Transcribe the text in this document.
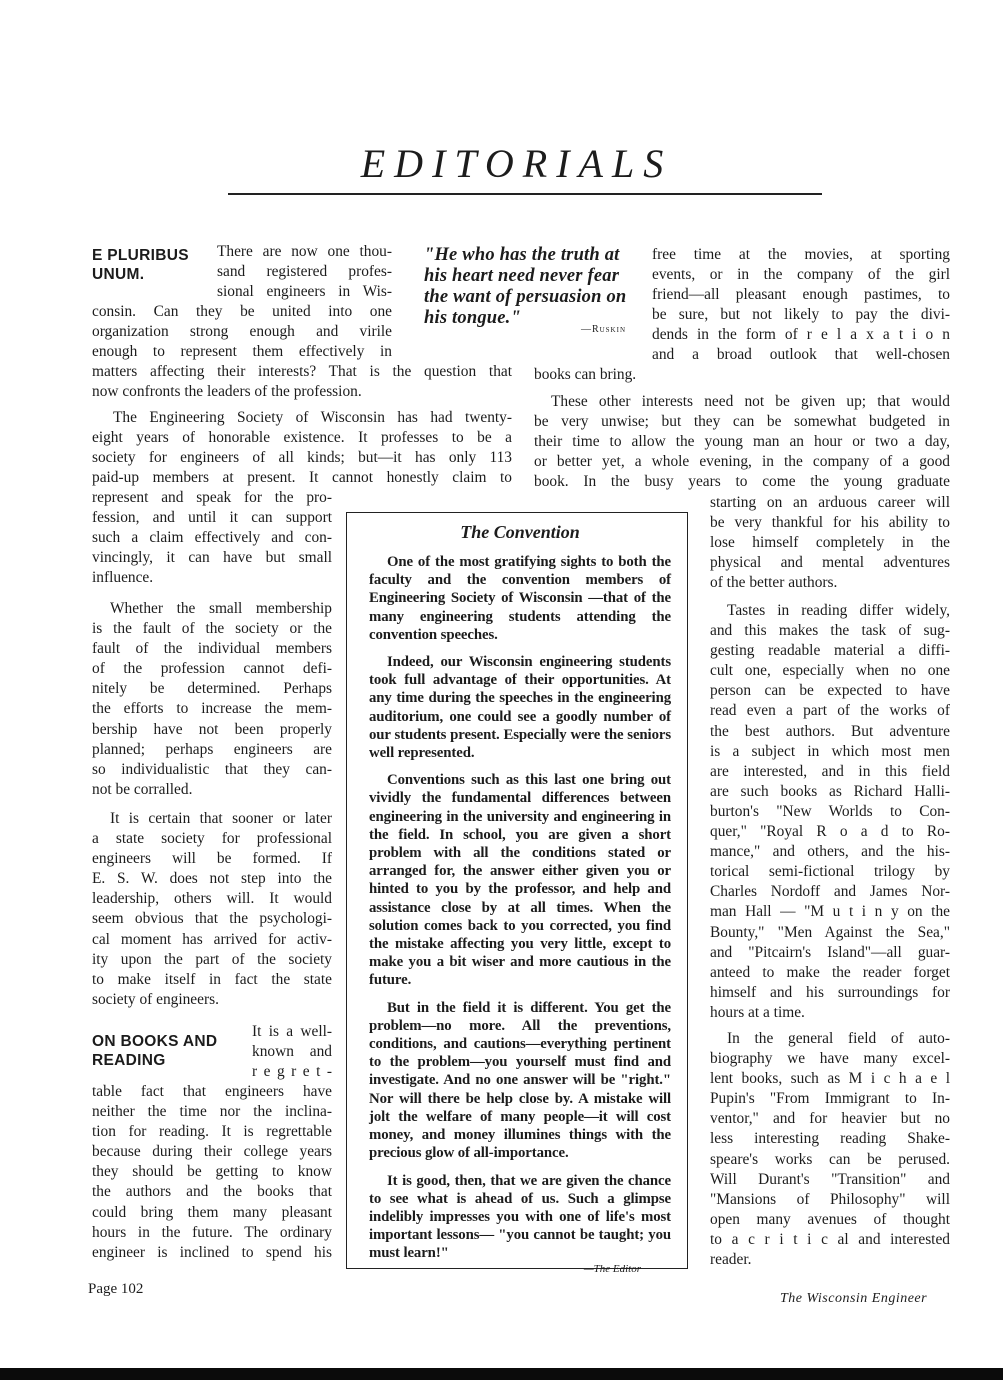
EDITORIALS

E PLURIBUS

UNUM.

There are now one thou-

sand registered profes-

sional engineers in Wis-

consin. Can they be united into one

organization strong enough and virile

enough to represent them effectively in

matters affecting their interests? That is the question that

now confronts the leaders of the profession.

The Engineering Society of Wisconsin has had twenty-

eight years of honorable existence. It professes to be a

society for engineers of all kinds; but—it has only 113

paid-up members at present. It cannot honestly claim to

represent and speak for the pro-

fession, and until it can support

such a claim effectively and con-

vincingly, it can have but small

influence.

Whether the small membership

is the fault of the society or the

fault of the individual members

of the profession cannot defi-

nitely be determined. Perhaps

the efforts to increase the mem-

bership have not been properly

planned; perhaps engineers are

so individualistic that they can-

not be corralled.

It is certain that sooner or later

a state society for professional

engineers will be formed. If

E. S. W. does not step into the

leadership, others will. It would

seem obvious that the psychologi-

cal moment has arrived for activ-

ity upon the part of the society

to make itself in fact the state

society of engineers.

ON BOOKS AND

READING

It is a well-

known and

r e g r e t -

table fact that engineers have

neither the time nor the inclina-

tion for reading. It is regrettable

because during their college years

they should be getting to know

the authors and the books that

could bring them many pleasant

hours in the future. The ordinary

engineer is inclined to spend his

"He who has the truth at

his heart need never fear

the want of persuasion on

his tongue."

—Ruskin

free time at the movies, at sporting

events, or in the company of the girl

friend—all pleasant enough pastimes, to

be sure, but not likely to pay the divi-

dends in the form of r e l a x a t i o n

and a broad outlook that well-chosen

books can bring.

These other interests need not be given up; that would

be very unwise; but they can be somewhat budgeted in

their time to allow the young man an hour or two a day,

or better yet, a whole evening, in the company of a good

book. In the busy years to come the young graduate

starting on an arduous career will

be very thankful for his ability to

lose himself completely in the

physical and mental adventures

of the better authors.

Tastes in reading differ widely,

and this makes the task of sug-

gesting readable material a diffi-

cult one, especially when no one

person can be expected to have

read even a part of the works of

the best authors. But adventure

is a subject in which most men

are interested, and in this field

are such books as Richard Halli-

burton's "New Worlds to Con-

quer," "Royal R o a d to Ro-

mance," and others, and the his-

torical semi-fictional trilogy by

Charles Nordoff and James Nor-

man Hall — "M u t i n y on the

Bounty," "Men Against the Sea,"

and "Pitcairn's Island"—all guar-

anteed to make the reader forget

himself and his surroundings for

hours at a time.

In the general field of auto-

biography we have many excel-

lent books, such as M i c h a e l

Pupin's "From Immigrant to In-

ventor," and for heavier but no

less interesting reading Shake-

speare's works can be perused.

Will Durant's "Transition" and

"Mansions of Philosophy" will

open many avenues of thought

to a c r i t i c al and interested

reader.

The Convention

One of the most gratifying sights to both the faculty and the convention members of Engineering Society of Wisconsin —that of the many engineering students attending the convention speeches.

Indeed, our Wisconsin engineering students took full advantage of their opportunities. At any time during the speeches in the engineering auditorium, one could see a goodly number of our students present. Especially were the seniors well represented.

Conventions such as this last one bring out vividly the fundamental differences between engineering in the university and engineering in the field. In school, you are given a short problem with all the conditions stated or arranged for, the answer either given you or hinted to you by the professor, and help and assistance close by at all times. When the solution comes back to you corrected, you find the mistake affecting you very little, except to make you a bit wiser and more cautious in the future.

But in the field it is different. You get the problem—no more. All the preventions, conditions, and cautions—everything pertinent to the problem—you yourself must find and investigate. And no one answer will be "right." Nor will there be help close by. A mistake will jolt the welfare of many people—it will cost money, and money illumines things with the precious glow of all-importance.

It is good, then, that we are given the chance to see what is ahead of us. Such a glimpse indelibly impresses you with one of life's most important lessons— "you cannot be taught; you must learn!"

—The Editor

Page 102
The Wisconsin Engineer
